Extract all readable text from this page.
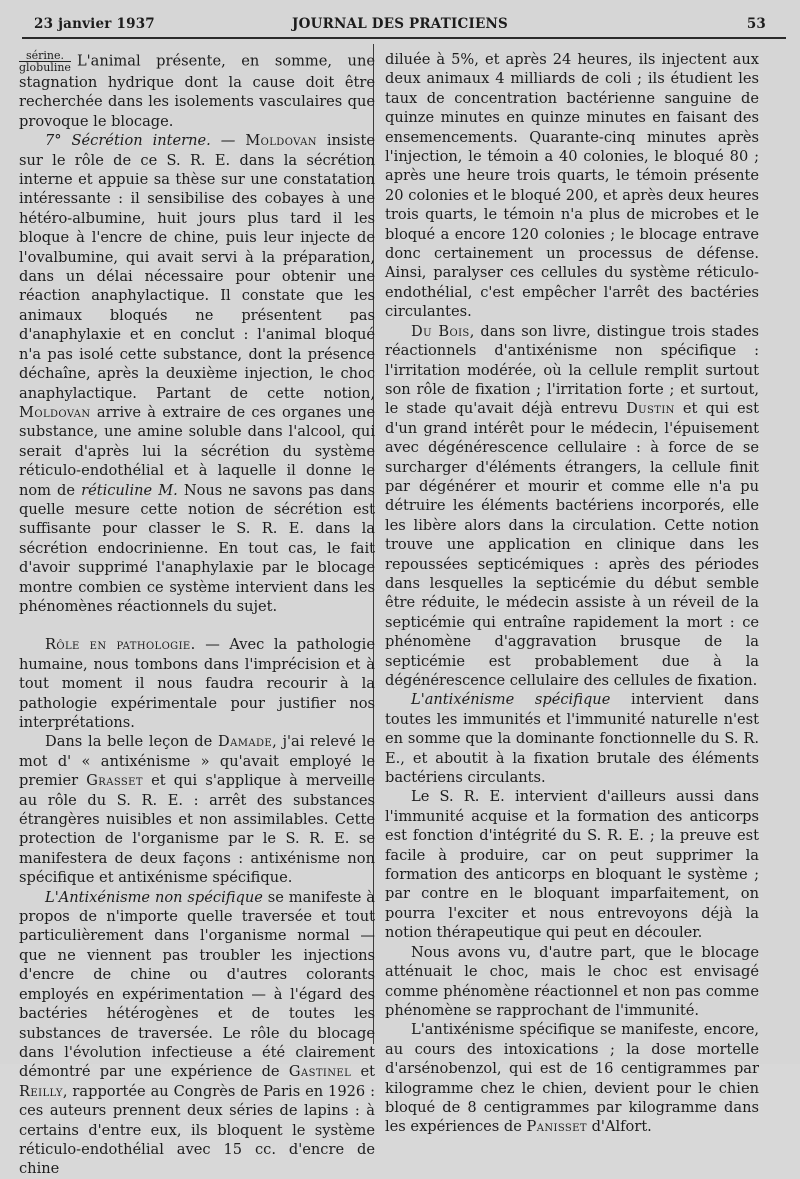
23 janvier 1937	JOURNAL DES PRATICIENS	53

$\frac{\text{sérine.}}{\text{globuline}}$ L'animal présente, en somme, une stagnation hydrique dont la cause doit être recherchée dans les isolements vasculaires que provoque le blocage.

7° Sécrétion interne. — Moldovan insiste sur le rôle de ce S. R. E. dans la sécrétion interne et appuie sa thèse sur une constatation intéressante : il sensibilise des cobayes à une hétéro-albumine, huit jours plus tard il les bloque à l'encre de chine, puis leur injecte de l'ovalbumine, qui avait servi à la préparation, dans un délai nécessaire pour obtenir une réaction anaphylactique. Il constate que les animaux bloqués ne présentent pas d'anaphylaxie et en conclut : l'animal bloqué n'a pas isolé cette substance, dont la présence déchaîne, après la deuxième injection, le choc anaphylactique. Partant de cette notion, Moldovan arrive à extraire de ces organes une substance, une amine soluble dans l'alcool, qui serait d'après lui la sécrétion du système réticulo-endothélial et à laquelle il donne le nom de réticuline M. Nous ne savons pas dans quelle mesure cette notion de sécrétion est suffisante pour classer le S. R. E. dans la sécrétion endocrinienne. En tout cas, le fait d'avoir supprimé l'anaphylaxie par le blocage montre combien ce système intervient dans les phénomènes réactionnels du sujet.

Rôle en pathologie. — Avec la pathologie humaine, nous tombons dans l'imprécision et à tout moment il nous faudra recourir à la pathologie expérimentale pour justifier nos interprétations.

Dans la belle leçon de Damade, j'ai relevé le mot d' « antixénisme » qu'avait employé le premier Grasset et qui s'applique à merveille au rôle du S. R. E. : arrêt des substances étrangères nuisibles et non assimilables. Cette protection de l'organisme par le S. R. E. se manifestera de deux façons : antixénisme non spécifique et antixénisme spécifique.

L'Antixénisme non spécifique se manifeste à propos de n'importe quelle traversée et tout particulièrement dans l'organisme normal — que ne viennent pas troubler les injections d'encre de chine ou d'autres colorants employés en expérimentation — à l'égard des bactéries hétérogènes et de toutes les substances de traversée. Le rôle du blocage dans l'évolution infectieuse a été clairement démontré par une expérience de Gastinel et Reilly, rapportée au Congrès de Paris en 1926 : ces auteurs prennent deux séries de lapins : à certains d'entre eux, ils bloquent le système réticulo-endothélial avec 15 cc. d'encre de chine

diluée à 5%, et après 24 heures, ils injectent aux deux animaux 4 milliards de coli ; ils étudient les taux de concentration bactérienne sanguine de quinze minutes en quinze minutes en faisant des ensemencements. Quarante-cinq minutes après l'injection, le témoin a 40 colonies, le bloqué 80 ; après une heure trois quarts, le témoin présente 20 colonies et le bloqué 200, et après deux heures trois quarts, le témoin n'a plus de microbes et le bloqué a encore 120 colonies ; le blocage entrave donc certainement un processus de défense. Ainsi, paralyser ces cellules du système réticulo-endothélial, c'est empêcher l'arrêt des bactéries circulantes.

Du Bois, dans son livre, distingue trois stades réactionnels d'antixénisme non spécifique : l'irritation modérée, où la cellule remplit surtout son rôle de fixation ; l'irritation forte ; et surtout, le stade qu'avait déjà entrevu Dustin et qui est d'un grand intérêt pour le médecin, l'épuisement avec dégénérescence cellulaire : à force de se surcharger d'éléments étrangers, la cellule finit par dégénérer et mourir et comme elle n'a pu détruire les éléments bactériens incorporés, elle les libère alors dans la circulation. Cette notion trouve une application en clinique dans les repoussées septicémiques : après des périodes dans lesquelles la septicémie du début semble être réduite, le médecin assiste à un réveil de la septicémie qui entraîne rapidement la mort : ce phénomène d'aggravation brusque de la septicémie est probablement due à la dégénérescence cellulaire des cellules de fixation.

L'antixénisme spécifique intervient dans toutes les immunités et l'immunité naturelle n'est en somme que la dominante fonctionnelle du S. R. E., et aboutit à la fixation brutale des éléments bactériens circulants.

Le S. R. E. intervient d'ailleurs aussi dans l'immunité acquise et la formation des anticorps est fonction d'intégrité du S. R. E. ; la preuve est facile à produire, car on peut supprimer la formation des anticorps en bloquant le système ; par contre en le bloquant imparfaitement, on pourra l'exciter et nous entrevoyons déjà la notion thérapeutique qui peut en découler.

Nous avons vu, d'autre part, que le blocage atténuait le choc, mais le choc est envisagé comme phénomène réactionnel et non pas comme phénomène se rapprochant de l'immunité.

L'antixénisme spécifique se manifeste, encore, au cours des intoxications ; la dose mortelle d'arsénobenzol, qui est de 16 centigrammes par kilogramme chez le chien, devient pour le chien bloqué de 8 centigrammes par kilogramme dans les expériences de Panisset d'Alfort.
